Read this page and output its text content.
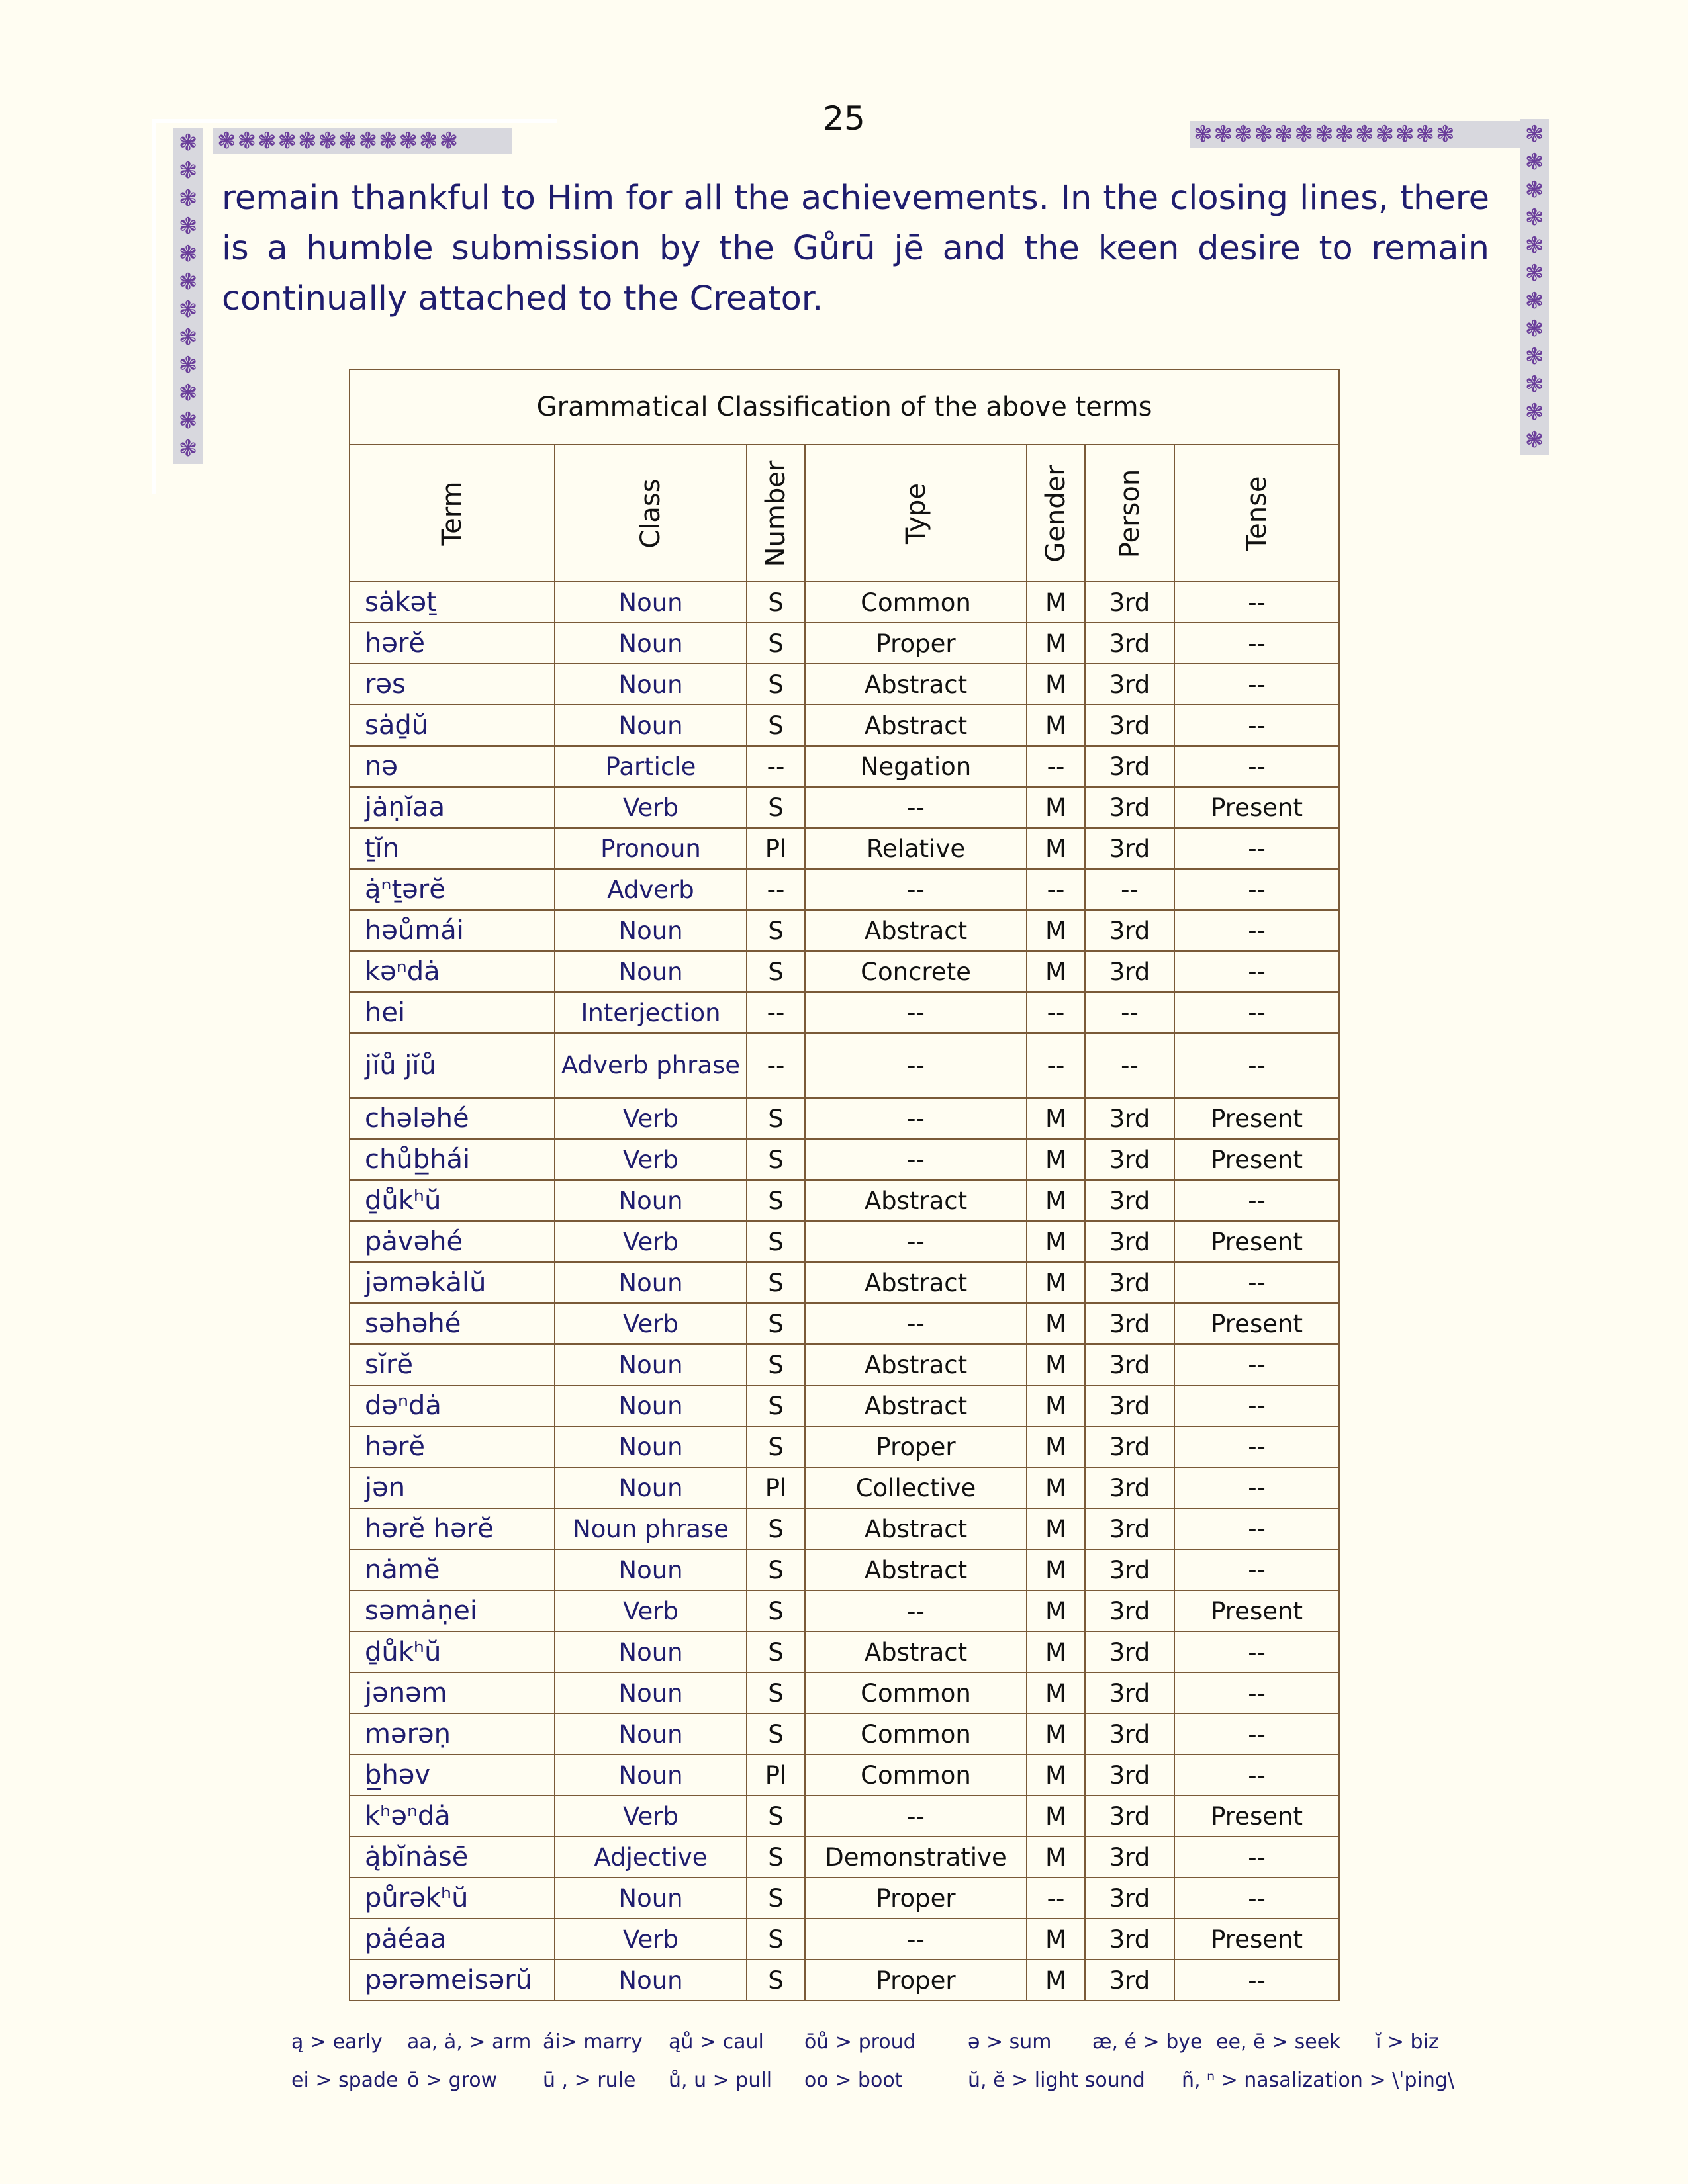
25
❃❃❃❃❃❃❃❃❃❃❃❃	❃❃❃❃❃❃❃❃❃❃❃❃❃
❃
❃
❃
❃
❃
❃
❃
❃
❃
❃
❃
❃
❃
❃
❃
❃
❃
❃
❃
❃
❃
❃
❃
❃
remain thankful to Him for all the achievements. In the closing lines, there is a humble submission by the Gůrū jē and the keen desire to remain continually attached to the Creator.
Grammatical Classification of the above terms						

Term	Class	Number	Type	Gender	Person	Tense

sȧkəṯ	Noun	S	Common	M	3rd	--
hərĕ	Noun	S	Proper	M	3rd	--
rəs	Noun	S	Abstract	M	3rd	--
sȧḏŭ	Noun	S	Abstract	M	3rd	--
nə	Particle	--	Negation	--	3rd	--
jȧṇĭaa	Verb	S	--	M	3rd	Present
ṯĭn	Pronoun	Pl	Relative	M	3rd	--
ą̇ⁿṯərĕ	Adverb	--	--	--	--	--
həůmái	Noun	S	Abstract	M	3rd	--
kəⁿdȧ	Noun	S	Concrete	M	3rd	--
hei	Interjection	--	--	--	--	--
jĭů jĭů	Adverb phrase	--	--	--	--	--
chələhé	Verb	S	--	M	3rd	Present
chůb̲hái	Verb	S	--	M	3rd	Present
ḏůkʰŭ	Noun	S	Abstract	M	3rd	--
pȧvəhé	Verb	S	--	M	3rd	Present
jəməkȧlŭ	Noun	S	Abstract	M	3rd	--
səhəhé	Verb	S	--	M	3rd	Present
sĭrĕ	Noun	S	Abstract	M	3rd	--
dəⁿdȧ	Noun	S	Abstract	M	3rd	--
hərĕ	Noun	S	Proper	M	3rd	--
jən	Noun	Pl	Collective	M	3rd	--
hərĕ hərĕ	Noun phrase	S	Abstract	M	3rd	--
nȧmĕ	Noun	S	Abstract	M	3rd	--
səmȧṇei	Verb	S	--	M	3rd	Present
ḏůkʰŭ	Noun	S	Abstract	M	3rd	--
jənəm	Noun	S	Common	M	3rd	--
mərəṇ	Noun	S	Common	M	3rd	--
b̲həv	Noun	Pl	Common	M	3rd	--
kʰəⁿdȧ	Verb	S	--	M	3rd	Present
ą̇bĭnȧsē	Adjective	S	Demonstrative	M	3rd	--
půrəkʰŭ	Noun	S	Proper	--	3rd	--
pȧéaa	Verb	S	--	M	3rd	Present
pərəmeisərŭ	Noun	S	Proper	M	3rd	--
ą > early aa, ȧ, > arm ái> marry ąů > caul ōů > proud	ə > sum æ, é > bye ee, ē > seek ĭ > biz
ei > spade ō > grow ū , > rule ů, u > pull oo > boot	ŭ, ĕ > light sound ñ, ⁿ > nasalization > \ˈping\
